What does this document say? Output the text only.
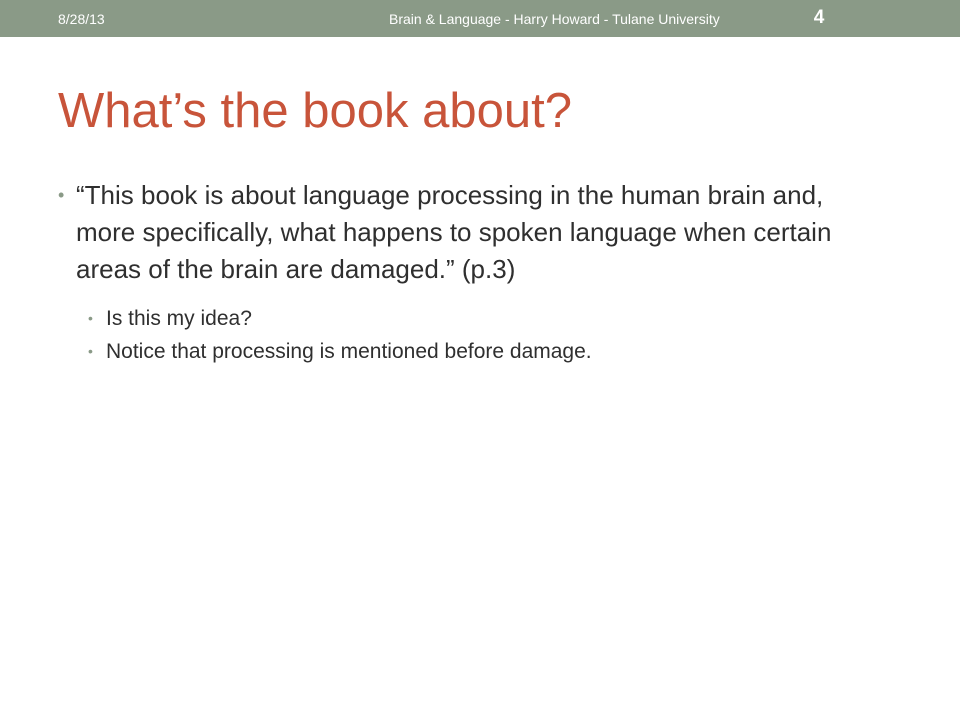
8/28/13	Brain & Language - Harry Howard - Tulane University	4
What’s the book about?
• “This book is about language processing in the human brain and, more specifically, what happens to spoken language when certain areas of the brain are damaged.” (p.3)
• Is this my idea?
• Notice that processing is mentioned before damage.
